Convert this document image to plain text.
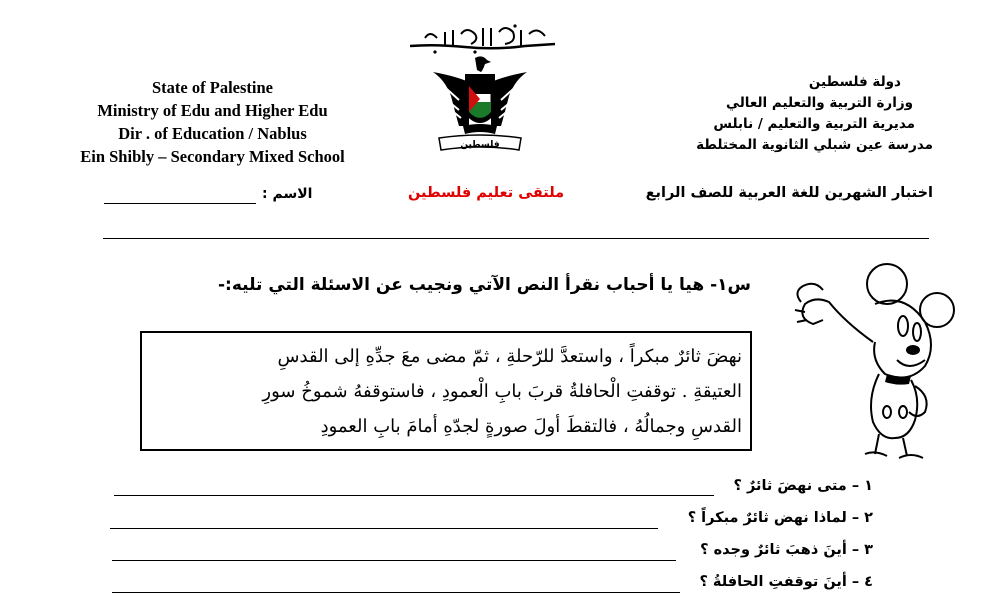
State of Palestine
Ministry of Edu and Higher Edu
Dir . of Education / Nablus
Ein Shibly – Secondary Mixed School
دولة فلسطين
وزارة التربية والتعليم العالي
مديرية التربية والتعليم / نابلس
مدرسة عين شبلي الثانوية المختلطة
فلسطين
اختبار الشهرين للغة العربية للصف الرابع
ملتقى تعليم فلسطين
الاسم :
س١- هيا يا أحباب نقرأ النص الآتي ونجيب عن الاسئلة التي تليه:-
نهضَ ثائرٌ مبكراً ، واستعدَّ للرّحلةِ ، ثمّ مضى معَ جدِّهِ إلى القدسِ
العتيقةِ . توقفتِ الْحافلةُ قربَ بابِ الْعمودِ ، فاستوقفهُ شموخُ سورِ
القدسِ وجمالُهُ ، فالتقطَ أولَ صورةٍ لجدّهِ أمامَ بابِ العمودِ
١ – متى نهضَ ثائرٌ ؟
٢ – لماذا نهض ثائرٌ مبكراً ؟
٣ – أينَ ذهبَ ثائرٌ وجده ؟
٤ – أينَ توقفتِ الحافلةُ ؟
